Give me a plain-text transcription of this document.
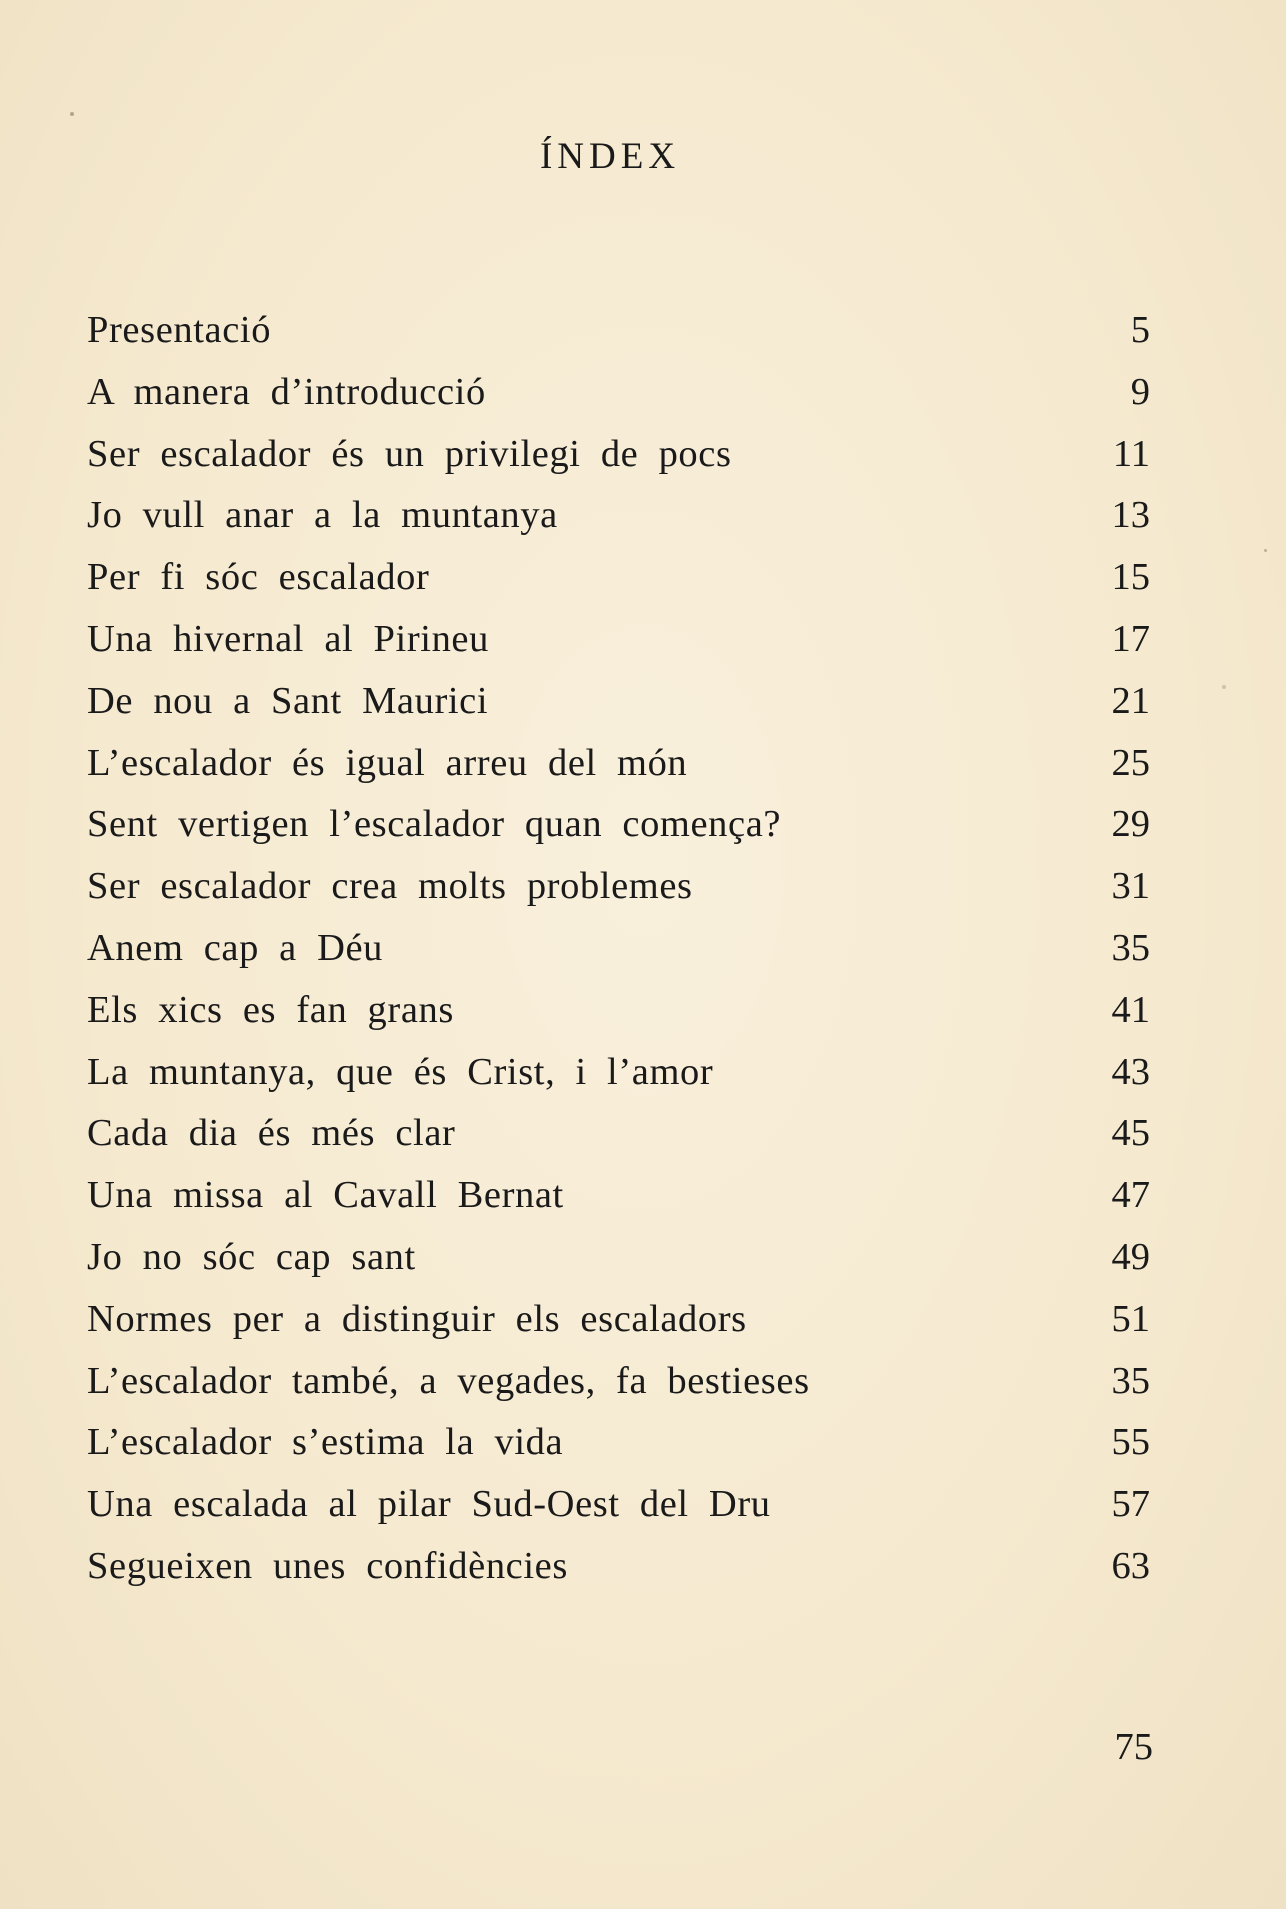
ÍNDEX
Presentació	5
A manera d’introducció	9
Ser escalador és un privilegi de pocs	11
Jo vull anar a la muntanya	13
Per fi sóc escalador	15
Una hivernal al Pirineu	17
De nou a Sant Maurici	21
L’escalador és igual arreu del món	25
Sent vertigen l’escalador quan comença?	29
Ser escalador crea molts problemes	31
Anem cap a Déu	35
Els xics es fan grans	41
La muntanya, que és Crist, i l’amor	43
Cada dia és més clar	45
Una missa al Cavall Bernat	47
Jo no sóc cap sant	49
Normes per a distinguir els escaladors	51
L’escalador també, a vegades, fa bestieses	35
L’escalador s’estima la vida	55
Una escalada al pilar Sud-Oest del Dru	57
Segueixen unes confidències	63
75
